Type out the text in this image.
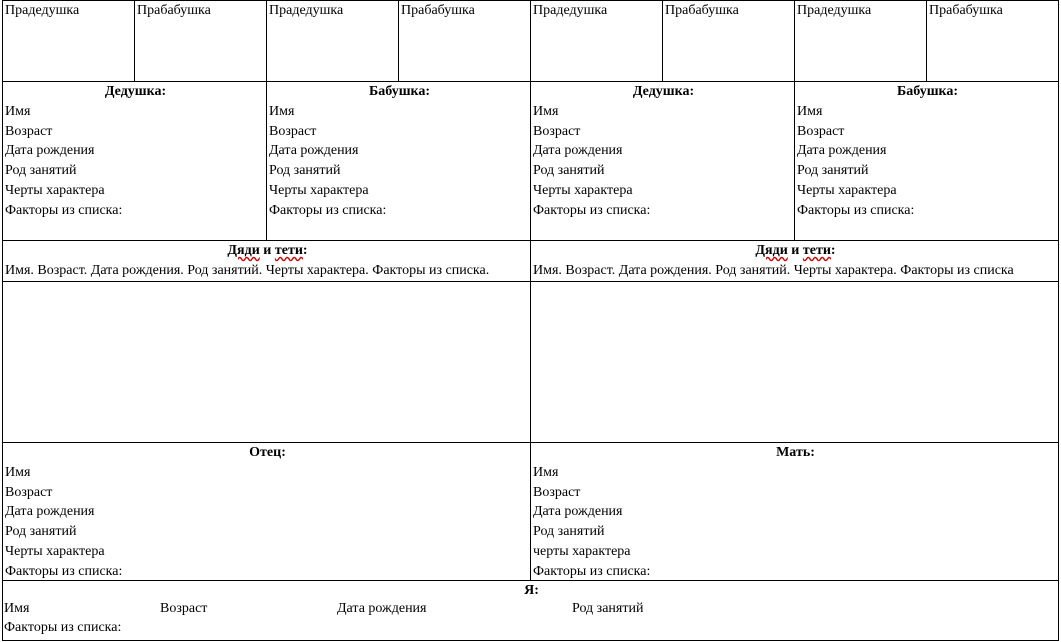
Прадедушка	Прабабушка	Прадедушка	Прабабушка	Прадедушка	Прабабушка	Прадедушка	Прабабушка
Дедушка:
Имя
Возраст
Дата рождения
Род занятий
Черты характера
Факторы из списка:
Бабушка:
Имя
Возраст
Дата рождения
Род занятий
Черты характера
Факторы из списка:
Дедушка:
Имя
Возраст
Дата рождения
Род занятий
Черты характера
Факторы из списка:
Бабушка:
Имя
Возраст
Дата рождения
Род занятий
Черты характера
Факторы из списка:
Дяди и тети:
Имя. Возраст. Дата рождения. Род занятий. Черты характера. Факторы из списка.
Дяди и тети:
Имя. Возраст. Дата рождения. Род занятий. Черты характера. Факторы из списка
Отец:
Имя
Возраст
Дата рождения
Род занятий
Черты характера
Факторы из списка:
Мать:
Имя
Возраст
Дата рождения
Род занятий
черты характера
Факторы из списка:
Я:
Имя	Возраст	Дата рождения	Род занятий
Факторы из списка:
